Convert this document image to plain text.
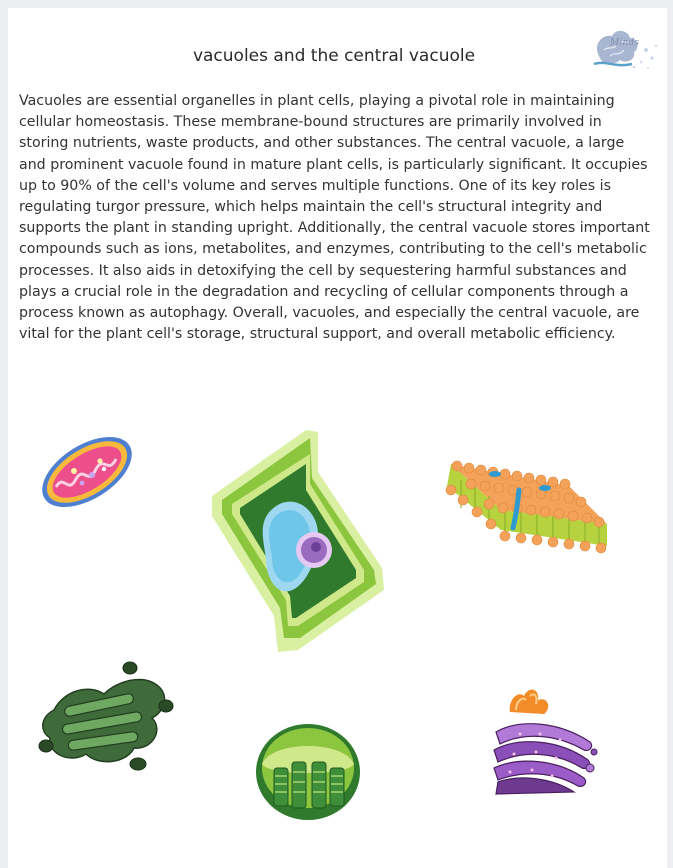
Minds
vacuoles and the central vacuole

Vacuoles are essential organelles in plant cells, playing a pivotal role in maintaining cellular homeostasis. These membrane-bound structures are primarily involved in storing nutrients, waste products, and other substances. The central vacuole, a large and prominent vacuole found in mature plant cells, is particularly significant. It occupies up to 90% of the cell's volume and serves multiple functions. One of its key roles is regulating turgor pressure, which helps maintain the cell's structural integrity and supports the plant in standing upright. Additionally, the central vacuole stores important compounds such as ions, metabolites, and enzymes, contributing to the cell's metabolic processes. It also aids in detoxifying the cell by sequestering harmful substances and plays a crucial role in the degradation and recycling of cellular components through a process known as autophagy. Overall, vacuoles, and especially the central vacuole, are vital for the plant cell's storage, structural support, and overall metabolic efficiency.
